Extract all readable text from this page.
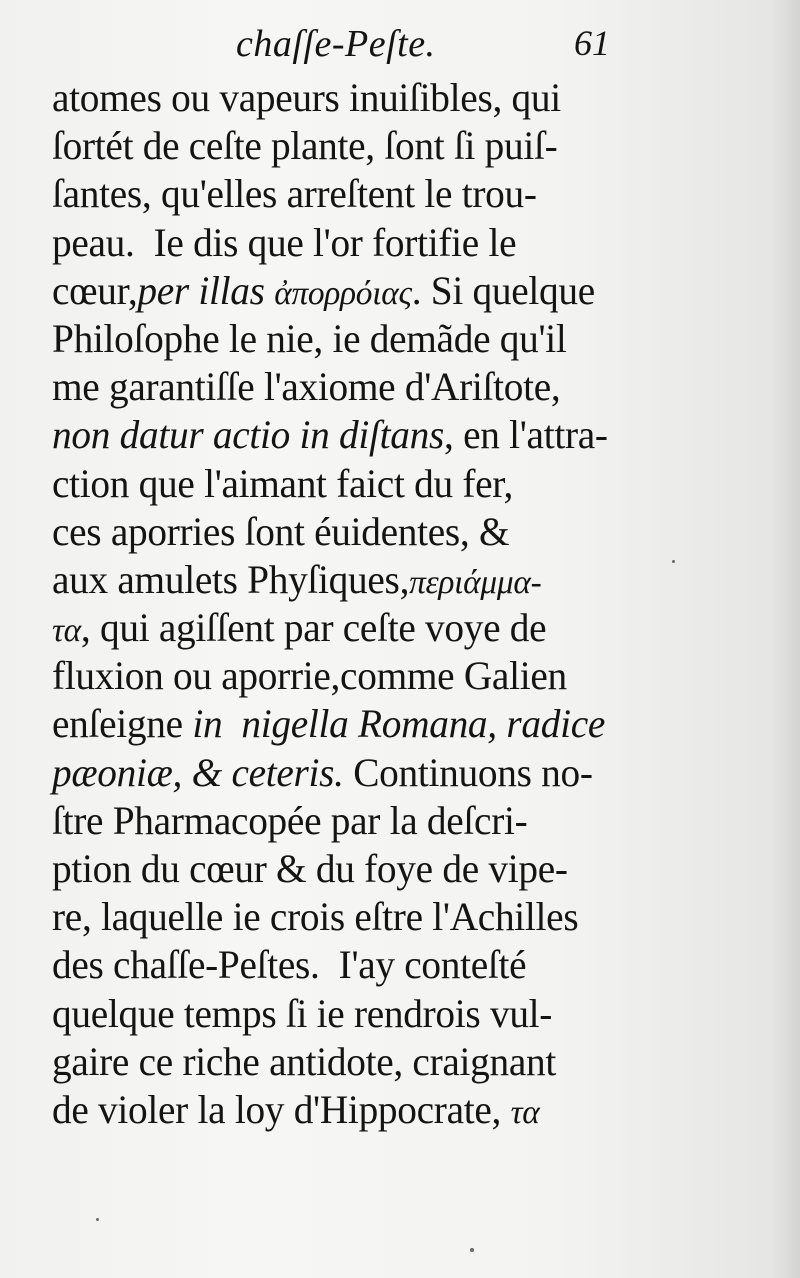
chaſſe-Peſte.	61
atomes ou vapeurs inuiſibles, qui
ſortét de ceſte plante, ſont ſi puiſ-
ſantes, qu'elles arreſtent le trou-
peau.  Ie dis que l'or fortifie le
cœur,per illas ἀπορρόιας. Si quelque
Philoſophe le nie, ie demãde qu'il
me garantiſſe l'axiome d'Ariſtote,
non datur actio in diſtans, en l'attra-
ction que l'aimant faict du fer,
ces aporries ſont éuidentes, &
aux amulets Phyſiques,περιάμμα-
τα, qui agiſſent par ceſte voye de
fluxion ou aporrie,comme Galien
enſeigne in  nigella Romana, radice
pæoniæ, & ceteris. Continuons no-
ſtre Pharmacopée par la deſcri-
ption du cœur & du foye de vipe-
re, laquelle ie crois eſtre l'Achilles
des chaſſe-Peſtes.  I'ay conteſté
quelque temps ſi ie rendrois vul-
gaire ce riche antidote, craignant
de violer la loy d'Hippocrate, τα
